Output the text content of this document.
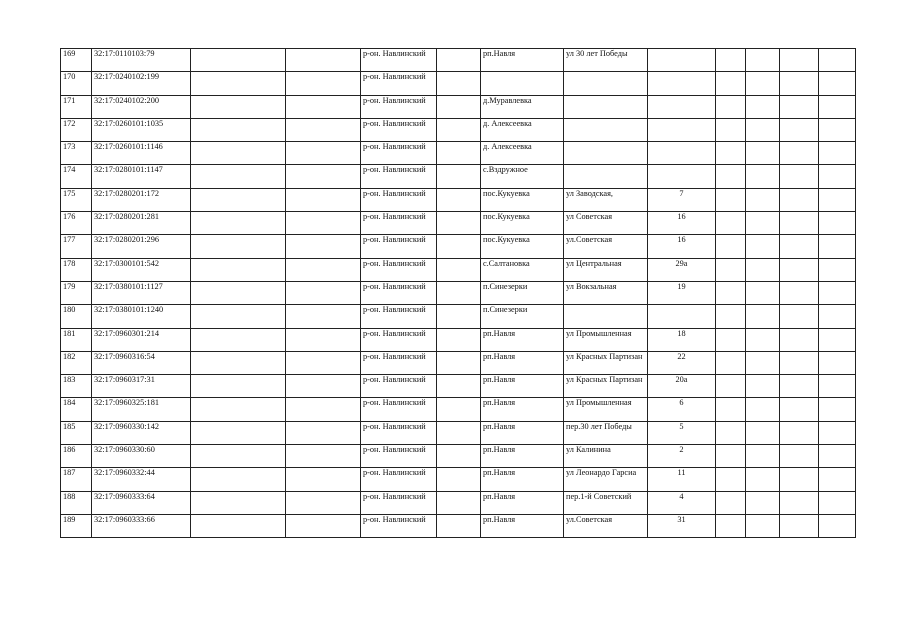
169	32:17:0110103:79			р-он. Навлинский		рп.Навля	ул 30 лет Победы					
170	32:17:0240102:199			р-он. Навлинский								
171	32:17:0240102:200			р-он. Навлинский		д.Муравлевка						
172	32:17:0260101:1035			р-он. Навлинский		д. Алексеевка						
173	32:17:0260101:1146			р-он. Навлинский		д. Алексеевка						
174	32:17:0280101:1147			р-он. Навлинский		с.Вздружное						
175	32:17:0280201:172			р-он. Навлинский		пос.Кукуевка	ул Заводская,	7				
176	32:17:0280201:281			р-он. Навлинский		пос.Кукуевка	ул Советская	16				
177	32:17:0280201:296			р-он. Навлинский		пос.Кукуевка	ул.Советская	16				
178	32:17:0300101:542			р-он. Навлинский		с.Салтановка	ул Центральная	29а				
179	32:17:0380101:1127			р-он. Навлинский		п.Синезерки	ул Вокзальная	19				
180	32:17:0380101:1240			р-он. Навлинский		п.Синезерки						
181	32:17:0960301:214			р-он. Навлинский		рп.Навля	ул Промышленная	18				
182	32:17:0960316:54			р-он. Навлинский		рп.Навля	ул Красных Партизан	22				
183	32:17:0960317:31			р-он. Навлинский		рп.Навля	ул Красных Партизан	20а				
184	32:17:0960325:181			р-он. Навлинский		рп.Навля	ул Промышленная	6				
185	32:17:0960330:142			р-он. Навлинский		рп.Навля	пер.30 лет Победы	5				
186	32:17:0960330:60			р-он. Навлинский		рп.Навля	ул Калинина	2				
187	32:17:0960332:44			р-он. Навлинский		рп.Навля	ул Леонардо Гарсиа	11				
188	32:17:0960333:64			р-он. Навлинский		рп.Навля	пер.1-й Советский	4				
189	32:17:0960333:66			р-он. Навлинский		рп.Навля	ул.Советская	31				
